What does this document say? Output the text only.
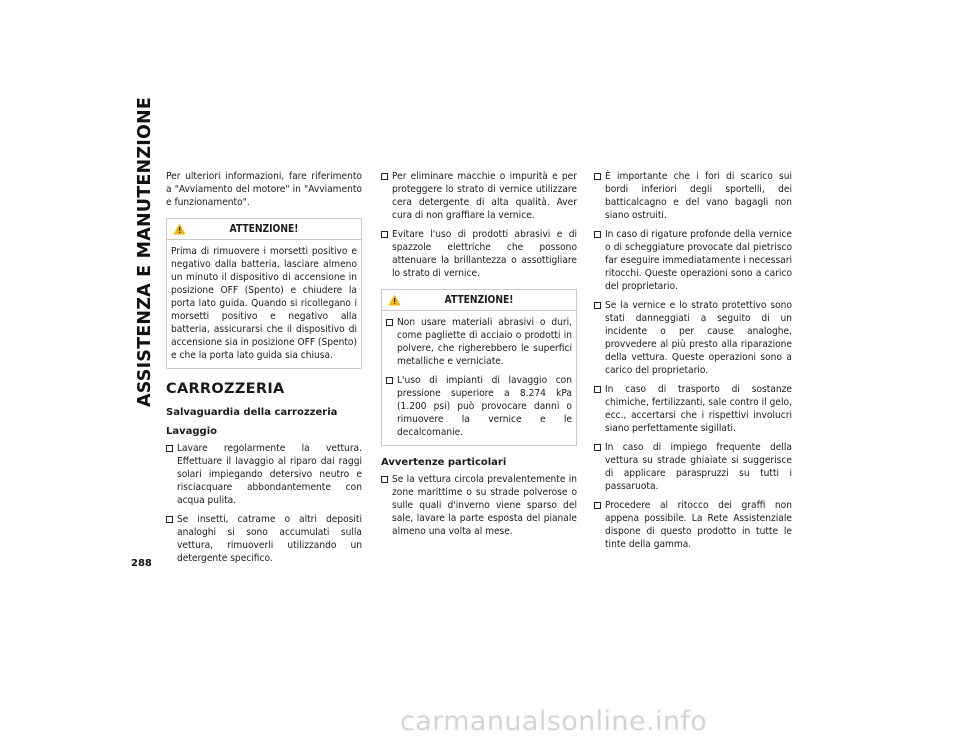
ASSISTENZA E MANUTENZIONE
288

Per ulteriori informazioni, fare riferimento a "Avviamento del motore" in "Avviamento e funzionamento".

ATTENZIONE!

Prima di rimuovere i morsetti positivo e negativo dalla batteria, lasciare almeno un minuto il dispositivo di accensione in posizione OFF (Spento) e chiudere la porta lato guida. Quando si ricollegano i morsetti positivo e negativo alla batteria, assicurarsi che il dispositivo di accensione sia in posizione OFF (Spento) e che la porta lato guida sia chiusa.

CARROZZERIA
Salvaguardia della carrozzeria
Lavaggio
Lavare regolarmente la vettura. Effettuare il lavaggio al riparo dai raggi solari impiegando detersivo neutro e risciacquare abbondantemente con acqua pulita.
Se insetti, catrame o altri depositi analoghi si sono accumulati sulla vettura, rimuoverli utilizzando un detergente specifico.
Per eliminare macchie o impurità e per proteggere lo strato di vernice utilizzare cera detergente di alta qualità. Aver cura di non graffiare la vernice.
Evitare l'uso di prodotti abrasivi e di spazzole elettriche che possono attenuare la brillantezza o assottigliare lo strato di vernice.
ATTENZIONE!
Non usare materiali abrasivi o duri, come pagliette di acciaio o prodotti in polvere, che righerebbero le superfici metalliche e verniciate.
L'uso di impianti di lavaggio con pressione superiore a 8.274 kPa (1.200 psi) può provocare danni o rimuovere la vernice e le decalcomanie.
Avvertenze particolari
Se la vettura circola prevalentemente in zone marittime o su strade polverose o sulle quali d'inverno viene sparso del sale, lavare la parte esposta del pianale almeno una volta al mese.
È importante che i fori di scarico sui bordi inferiori degli sportelli, dei batticalcagno e del vano bagagli non siano ostruiti.
In caso di rigature profonde della vernice o di scheggiature provocate dal pietrisco far eseguire immediatamente i necessari ritocchi. Queste operazioni sono a carico del proprietario.
Se la vernice e lo strato protettivo sono stati danneggiati a seguito di un incidente o per cause analoghe, provvedere al più presto alla riparazione della vettura. Queste operazioni sono a carico del proprietario.
In caso di trasporto di sostanze chimiche, fertilizzanti, sale contro il gelo, ecc., accertarsi che i rispettivi involucri siano perfettamente sigillati.
In caso di impiego frequente della vettura su strade ghiaiate si suggerisce di applicare paraspruzzi su tutti i passaruota.
Procedere al ritocco dei graffi non appena possibile. La Rete Assistenziale dispone di questo prodotto in tutte le tinte della gamma.
carmanualsonline.info
